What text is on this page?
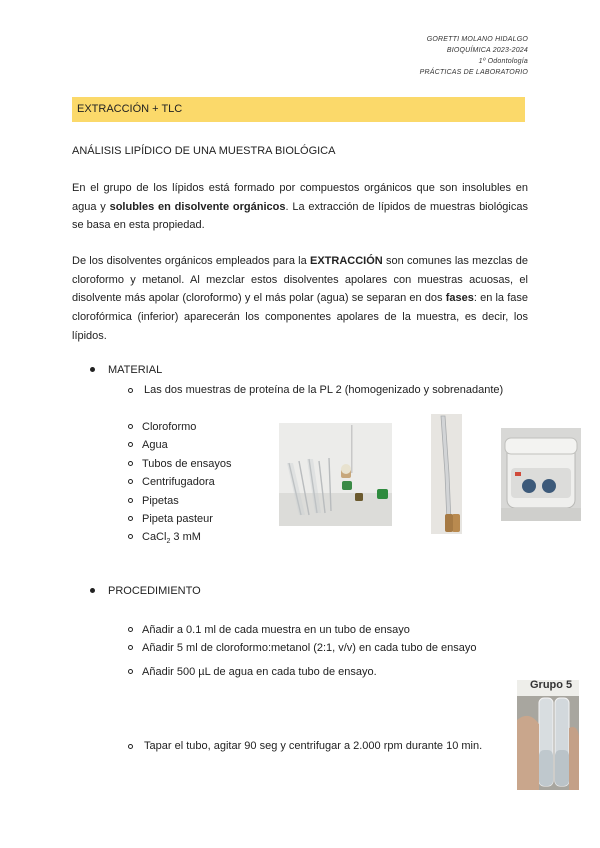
GORETTI MOLANO HIDALGO
BIOQUÍMICA 2023-2024
1º Odontología
PRÁCTICAS DE LABORATORIO
EXTRACCIÓN + TLC
ANÁLISIS LIPÍDICO DE UNA MUESTRA BIOLÓGICA

En el grupo de los lípidos está formado por compuestos orgánicos que son insolubles en agua y solubles en disolvente orgánicos. La extracción de lípidos de muestras biológicas se basa en esta propiedad.

De los disolventes orgánicos empleados para la EXTRACCIÓN son comunes las mezclas de cloroformo y metanol. Al mezclar estos disolventes apolares con muestras acuosas, el disolvente más apolar (cloroformo) y el más polar (agua) se separan en dos fases: en la fase clorofórmica (inferior) aparecerán los componentes apolares de la muestra, es decir, los lípidos.

MATERIAL
Las dos muestras de proteína de la PL 2 (homogenizado y sobrenadante)
Cloroformo
Agua
Tubos de ensayos
Centrifugadora
Pipetas
Pipeta pasteur
CaCl$_2$ 3 mM
PROCEDIMIENTO
Añadir a 0.1 ml de cada muestra en un tubo de ensayo
Añadir 5 ml de cloroformo:metanol (2:1, v/v) en cada tubo de ensayo
Añadir 500 µL de agua en cada tubo de ensayo.
Tapar el tubo, agitar 90 seg y centrifugar a 2.000 rpm durante 10 min.
Grupo 5
